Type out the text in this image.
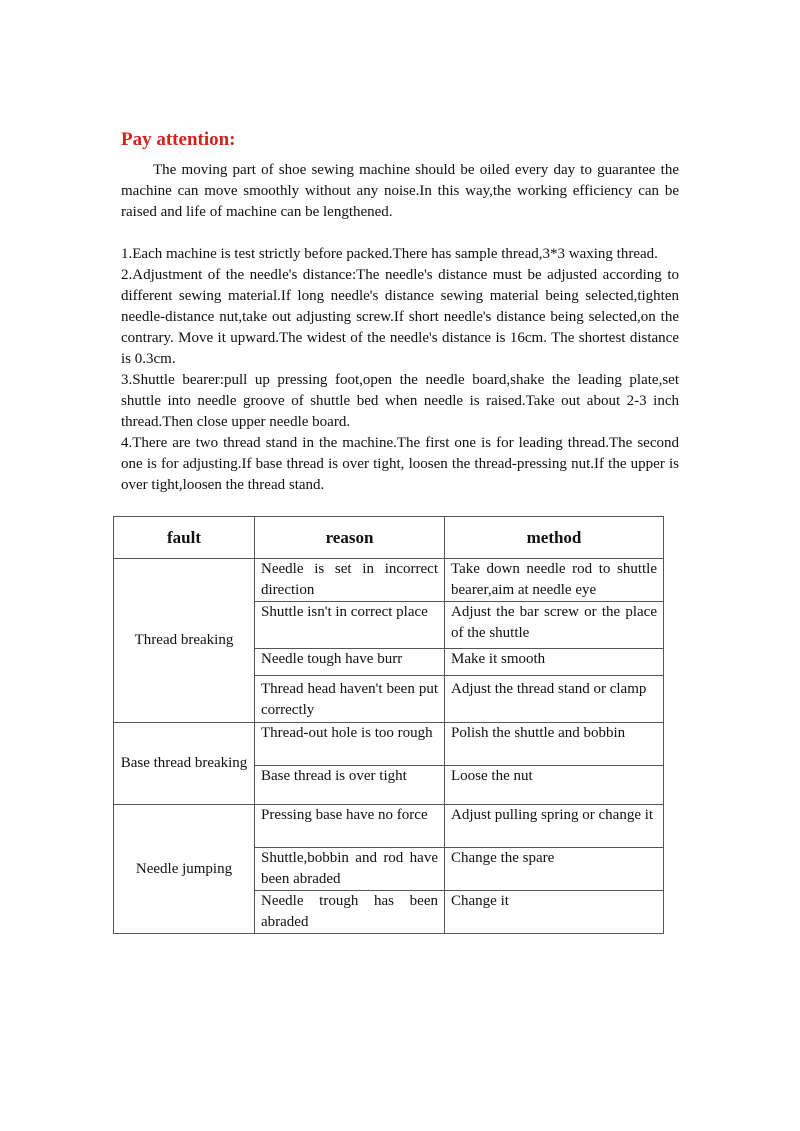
Pay attention:

The moving part of shoe sewing machine should be oiled every day to guarantee the machine can move smoothly without any noise.In this way,the working efficiency can be raised and life of machine can be lengthened.

1.Each machine is test strictly before packed.There has sample thread,3*3 waxing thread.

2.Adjustment of the needle's distance:The needle's distance must be adjusted according to different sewing material.If long needle's distance sewing material being selected,tighten needle-distance nut,take out adjusting screw.If short needle's distance being selected,on the contrary. Move it upward.The widest of the needle's distance is 16cm. The shortest distance is 0.3cm.

3.Shuttle bearer:pull up pressing foot,open the needle board,shake the leading plate,set shuttle into needle groove of shuttle bed when needle is raised.Take out about 2-3 inch thread.Then close upper needle board.

4.There are two thread stand in the machine.The first one is for leading thread.The second one is for adjusting.If base thread is over tight, loosen the thread-pressing nut.If the upper is over tight,loosen the thread stand.

fault	reason	method
Thread breaking	Needle is set in incorrect direction	Take down needle rod to shuttle bearer,aim at needle eye
	Shuttle isn't in correct place	Adjust the bar screw or the place of the shuttle
	Needle tough have burr	Make it smooth
	Thread head haven't been put correctly	Adjust the thread stand or clamp
Base thread breaking	Thread-out hole is too rough	Polish the shuttle and bobbin
	Base thread is over tight	Loose the nut
Needle jumping	Pressing base have no force	Adjust pulling spring or change it
	Shuttle,bobbin and rod have been abraded	Change the spare
	Needle trough has been abraded	Change it
